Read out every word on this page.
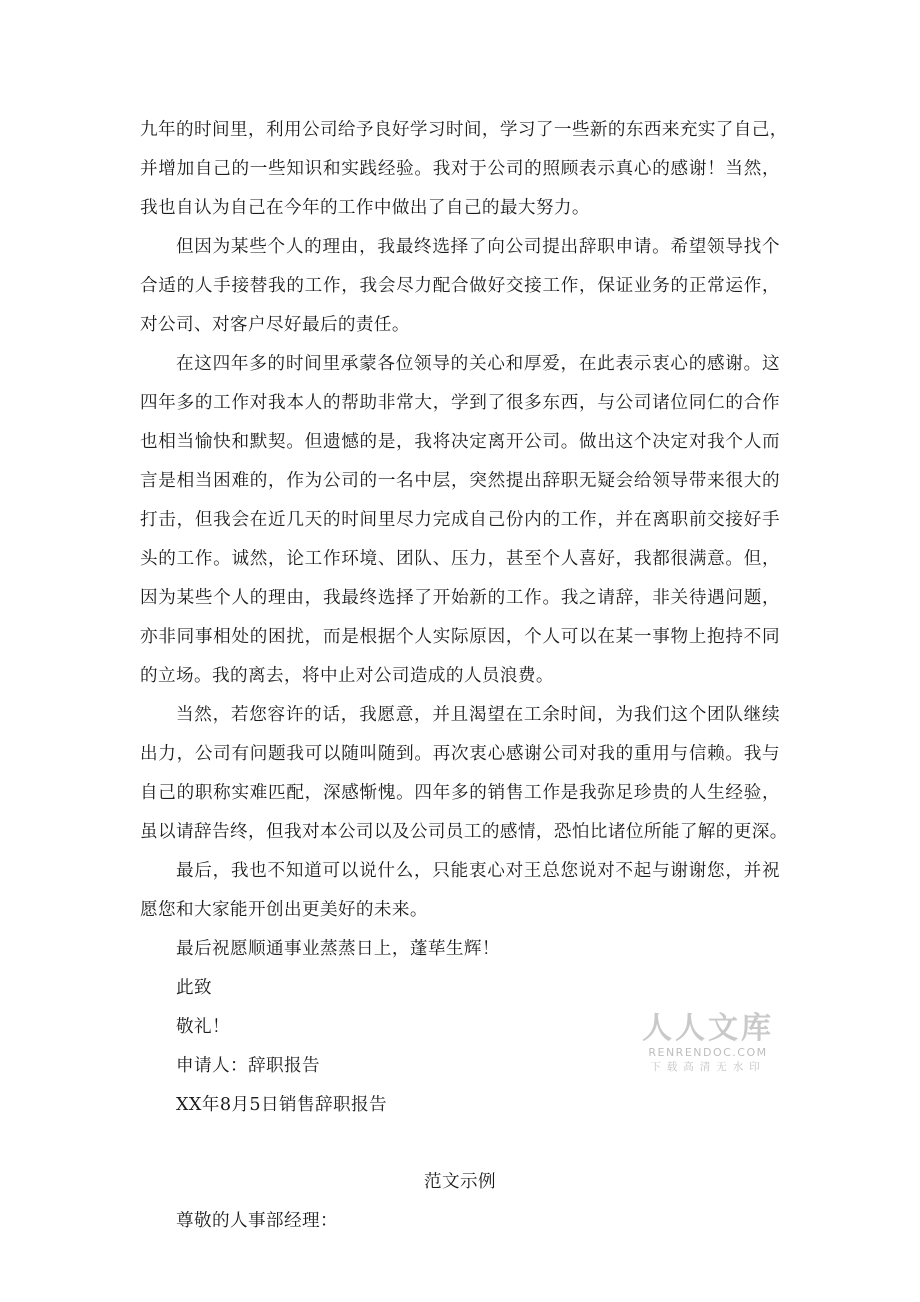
九年的时间里，利用公司给予良好学习时间，学习了一些新的东西来充实了自己，
并增加自己的一些知识和实践经验。我对于公司的照顾表示真心的感谢！当然，
我也自认为自己在今年的工作中做出了自己的最大努力。
但因为某些个人的理由，我最终选择了向公司提出辞职申请。希望领导找个
合适的人手接替我的工作，我会尽力配合做好交接工作，保证业务的正常运作，
对公司、对客户尽好最后的责任。
在这四年多的时间里承蒙各位领导的关心和厚爱，在此表示衷心的感谢。这
四年多的工作对我本人的帮助非常大，学到了很多东西，与公司诸位同仁的合作
也相当愉快和默契。但遗憾的是，我将决定离开公司。做出这个决定对我个人而
言是相当困难的，作为公司的一名中层，突然提出辞职无疑会给领导带来很大的
打击，但我会在近几天的时间里尽力完成自己份内的工作，并在离职前交接好手
头的工作。诚然，论工作环境、团队、压力，甚至个人喜好，我都很满意。但，
因为某些个人的理由，我最终选择了开始新的工作。我之请辞，非关待遇问题，
亦非同事相处的困扰，而是根据个人实际原因，个人可以在某一事物上抱持不同
的立场。我的离去，将中止对公司造成的人员浪费。
当然，若您容许的话，我愿意，并且渴望在工余时间，为我们这个团队继续
出力，公司有问题我可以随叫随到。再次衷心感谢公司对我的重用与信赖。我与
自己的职称实难匹配，深感惭愧。四年多的销售工作是我弥足珍贵的人生经验，
虽以请辞告终，但我对本公司以及公司员工的感情，恐怕比诸位所能了解的更深。
最后，我也不知道可以说什么，只能衷心对王总您说对不起与谢谢您，并祝
愿您和大家能开创出更美好的未来。
最后祝愿顺通事业蒸蒸日上，蓬荜生辉！
此致
敬礼！
申请人：辞职报告
XX年8月5日销售辞职报告
范文示例
尊敬的人事部经理：
人人文库
RENRENDOC.COM
下载高清无水印
